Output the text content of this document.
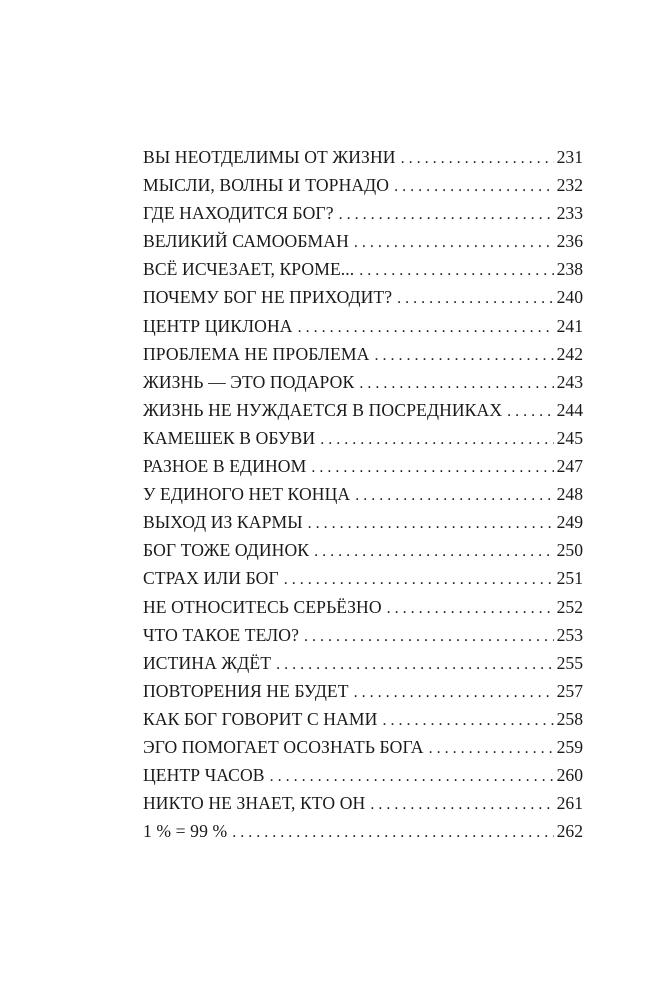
ВЫ НЕОТДЕЛИМЫ ОТ ЖИЗНИ . . .	231
МЫСЛИ, ВОЛНЫ И ТОРНАДО . . .	232
ГДЕ НАХОДИТСЯ БОГ? . . .	233
ВЕЛИКИЙ САМООБМАН . . .	236
ВСЁ ИСЧЕЗАЕТ, КРОМЕ... . . .	238
ПОЧЕМУ БОГ НЕ ПРИХОДИТ? . . .	240
ЦЕНТР ЦИКЛОНА . . .	241
ПРОБЛЕМА НЕ ПРОБЛЕМА . . .	242
ЖИЗНЬ — ЭТО ПОДАРОК . . .	243
ЖИЗНЬ НЕ НУЖДАЕТСЯ В ПОСРЕДНИКАХ . . .	244
КАМЕШЕК В ОБУВИ . . .	245
РАЗНОЕ В ЕДИНОМ . . .	247
У ЕДИНОГО НЕТ КОНЦА . . .	248
ВЫХОД ИЗ КАРМЫ . . .	249
БОГ ТОЖЕ ОДИНОК . . .	250
СТРАХ ИЛИ БОГ . . .	251
НЕ ОТНОСИТЕСЬ СЕРЬЁЗНО . . .	252
ЧТО ТАКОЕ ТЕЛО? . . .	253
ИСТИНА ЖДЁТ . . .	255
ПОВТОРЕНИЯ НЕ БУДЕТ . . .	257
КАК БОГ ГОВОРИТ С НАМИ . . .	258
ЭГО ПОМОГАЕТ ОСОЗНАТЬ БОГА . . .	259
ЦЕНТР ЧАСОВ . . .	260
НИКТО НЕ ЗНАЕТ, КТО ОН . . .	261
1 % = 99 % . . .	262
